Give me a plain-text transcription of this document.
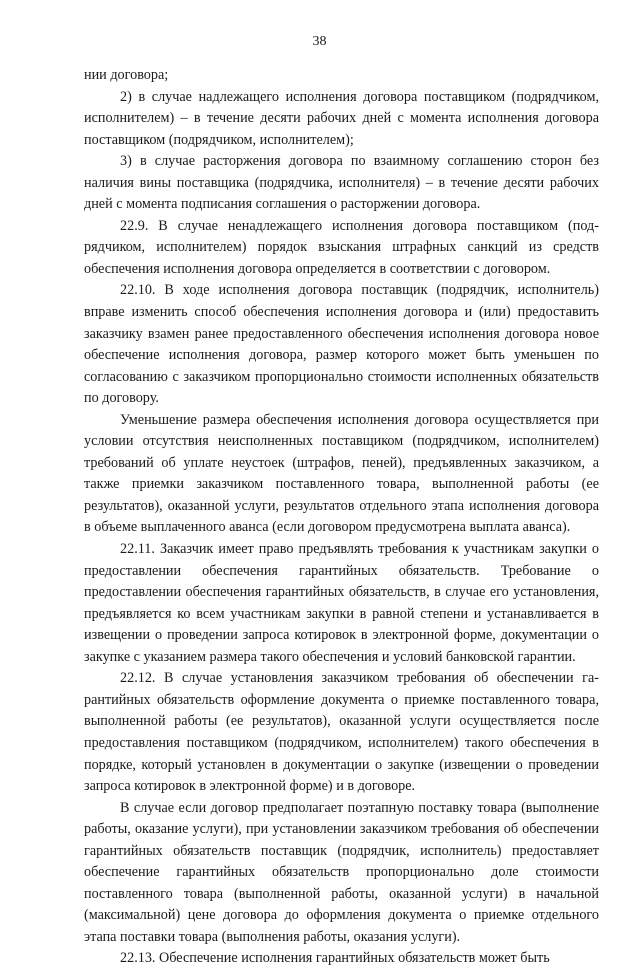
38

нии договора;

2) в случае надлежащего исполнения договора поставщиком (подрядчиком, исполнителем) – в течение десяти рабочих дней с момента исполнения договора поставщиком (подрядчиком, исполнителем);

3) в случае расторжения договора по взаимному соглашению сторон без наличия вины поставщика (подрядчика, исполнителя) – в течение десяти рабочих дней с момента подписания соглашения о расторжении договора.

22.9. В случае ненадлежащего исполнения договора поставщиком (подрядчиком, исполнителем) порядок взыскания штрафных санкций из средств обеспечения исполнения договора определяется в соответствии с договором.

22.10. В ходе исполнения договора поставщик (подрядчик, исполнитель) вправе изменить способ обеспечения исполнения договора и (или) предоставить заказчику взамен ранее предоставленного обеспечения исполнения договора новое обеспечение исполнения договора, размер которого может быть уменьшен по согласованию с заказчиком пропорционально стоимости исполненных обязательств по договору.

Уменьшение размера обеспечения исполнения договора осуществляется при условии отсутствия неисполненных поставщиком (подрядчиком, исполнителем) требований об уплате неустоек (штрафов, пеней), предъявленных заказчиком, а также приемки заказчиком поставленного товара, выполненной работы (ее результатов), оказанной услуги, результатов отдельного этапа исполнения договора в объеме выплаченного аванса (если договором предусмотрена выплата аванса).

22.11. Заказчик имеет право предъявлять требования к участникам закупки о предоставлении обеспечения гарантийных обязательств. Требование о предоставлении обеспечения гарантийных обязательств, в случае его установления, предъявляется ко всем участникам закупки в равной степени и устанавливается в извещении о проведении запроса котировок в электронной форме, документации о закупке с указанием размера такого обеспечения и условий банковской гарантии.

22.12. В случае установления заказчиком требования об обеспечении гарантийных обязательств оформление документа о приемке поставленного товара, выполненной работы (ее результатов), оказанной услуги осуществляется после предоставления поставщиком (подрядчиком, исполнителем) такого обеспечения в порядке, который установлен в документации о закупке (извещении о проведении запроса котировок в электронной форме) и в договоре.

В случае если договор предполагает поэтапную поставку товара (выполнение работы, оказание услуги), при установлении заказчиком требования об обеспечении гарантийных обязательств поставщик (подрядчик, исполнитель) предоставляет обеспечение гарантийных обязательств пропорционально доле стоимости поставленного товара (выполненной работы, оказанной услуги) в начальной (максимальной) цене договора до оформления документа о приемке отдельного этапа поставки товара (выполнения работы, оказания услуги).

22.13. Обеспечение исполнения гарантийных обязательств может быть
